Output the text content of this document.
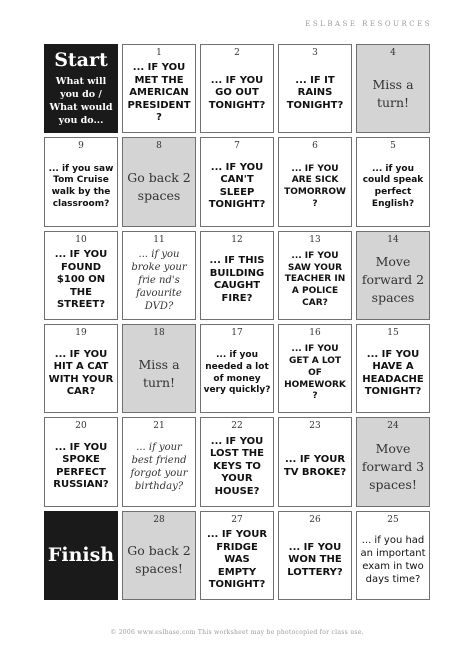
ESLBASE RESOURCES
Start
What will you do / What would you do...
1
... IF YOU MET THE AMERICAN PRESIDENT ?
2
... IF YOU GO OUT TONIGHT?
3
... IF IT RAINS TONIGHT?
4
Miss a turn!
9
... if you saw Tom Cruise walk by the classroom?
8
Go back 2 spaces
7
... IF YOU CAN'T SLEEP TONIGHT?
6
... IF YOU ARE SICK TOMORROW ?
5
... if you could speak perfect English?
10
... IF YOU FOUND $100 ON THE STREET?
11
... if you broke your frie nd's favourite DVD?
12
... IF THIS BUILDING CAUGHT FIRE?
13
... IF YOU SAW YOUR TEACHER IN A POLICE CAR?
14
Move forward 2 spaces
19
... IF YOU HIT A CAT WITH YOUR CAR?
18
Miss a turn!
17
... if you needed a lot of money very quickly?
16
... IF YOU GET A LOT OF HOMEWORK ?
15
... IF YOU HAVE A HEADACHE TONIGHT?
20
... IF YOU SPOKE PERFECT RUSSIAN?
21
... if your best friend forgot your birthday?
22
... IF YOU LOST THE KEYS TO YOUR HOUSE?
23
... IF YOUR TV BROKE?
24
Move forward 3 spaces!
Finish
28
Go back 2 spaces!
27
... IF YOUR FRIDGE WAS EMPTY TONIGHT?
26
... IF YOU WON THE LOTTERY?
25
... if you had an important exam in two days time?
© 2006 www.eslbase.com This worksheet may be photocopied for class use.
